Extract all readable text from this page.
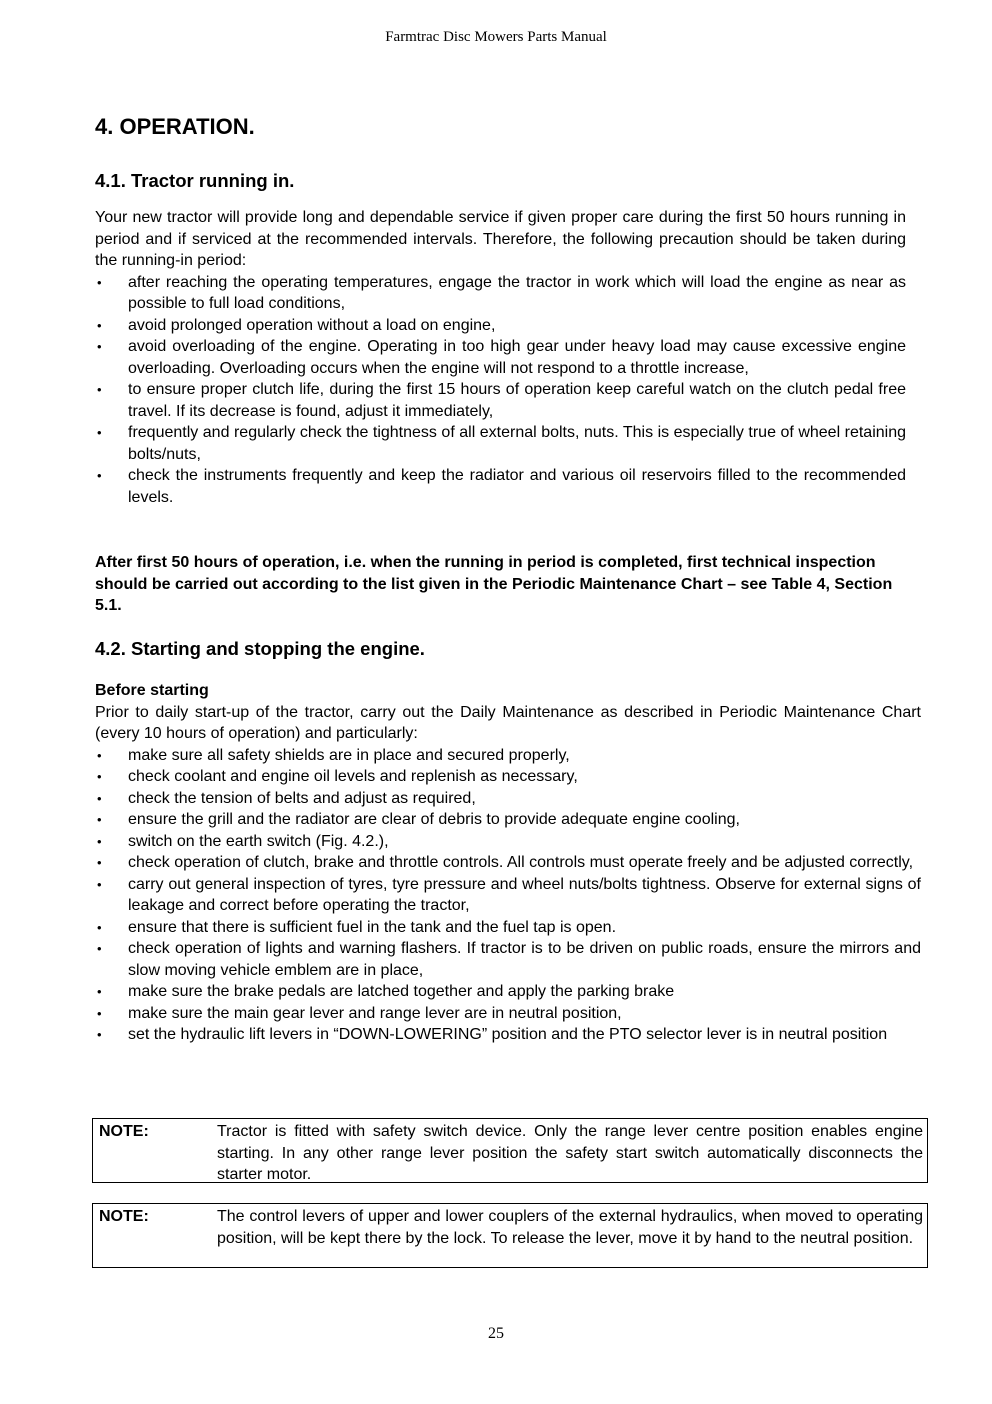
Farmtrac Disc Mowers Parts Manual
4. OPERATION.
4.1. Tractor running in.

Your new tractor will provide long and dependable service if given proper care during the first 50 hours running in period and if serviced at the recommended intervals. Therefore, the following precaution should be taken during the running-in period:

• after reaching the operating temperatures, engage the tractor in work which will load the engine as near as possible to full load conditions,
• avoid prolonged operation without a load on engine,
• avoid overloading of the engine. Operating in too high gear under heavy load may cause excessive engine overloading. Overloading occurs when the engine will not respond to a throttle increase,
• to ensure proper clutch life, during the first 15 hours of operation keep careful watch on the clutch pedal free travel. If its decrease is found, adjust it immediately,
• frequently and regularly check the tightness of all external bolts, nuts. This is especially true of wheel retaining bolts/nuts,
• check the instruments frequently and keep the radiator and various oil reservoirs filled to the recommended levels.

After first 50 hours of operation, i.e. when the running in period is completed, first technical inspection should be carried out according to the list given in the Periodic Maintenance Chart – see Table 4, Section 5.1.

4.2. Starting and stopping the engine.

Before starting

Prior to daily start-up of the tractor, carry out the Daily Maintenance as described in Periodic Maintenance Chart (every 10 hours of operation) and particularly:

• make sure all safety shields are in place and secured properly,
• check coolant and engine oil levels and replenish as necessary,
• check the tension of belts and adjust as required,
• ensure the grill and the radiator are clear of debris to provide adequate engine cooling,
• switch on the earth switch (Fig. 4.2.),
• check operation of clutch, brake and throttle controls. All controls must operate freely and be adjusted correctly,
• carry out general inspection of tyres, tyre pressure and wheel nuts/bolts tightness. Observe for external signs of leakage and correct before operating the tractor,
• ensure that there is sufficient fuel in the tank and the fuel tap is open.
• check operation of lights and warning flashers. If tractor is to be driven on public roads, ensure the mirrors and slow moving vehicle emblem are in place,
• make sure the brake pedals are latched together and apply the parking brake
• make sure the main gear lever and range lever are in neutral position,
• set the hydraulic lift levers in “DOWN-LOWERING” position and the PTO selector lever is in neutral position
NOTE:	Tractor is fitted with safety switch device. Only the range lever centre position enables engine starting. In any other range lever position the safety start switch automatically disconnects the starter motor.
NOTE:	The control levers of upper and lower couplers of the external hydraulics, when moved to operating position, will be kept there by the lock. To release the lever, move it by hand to the neutral position.
25
